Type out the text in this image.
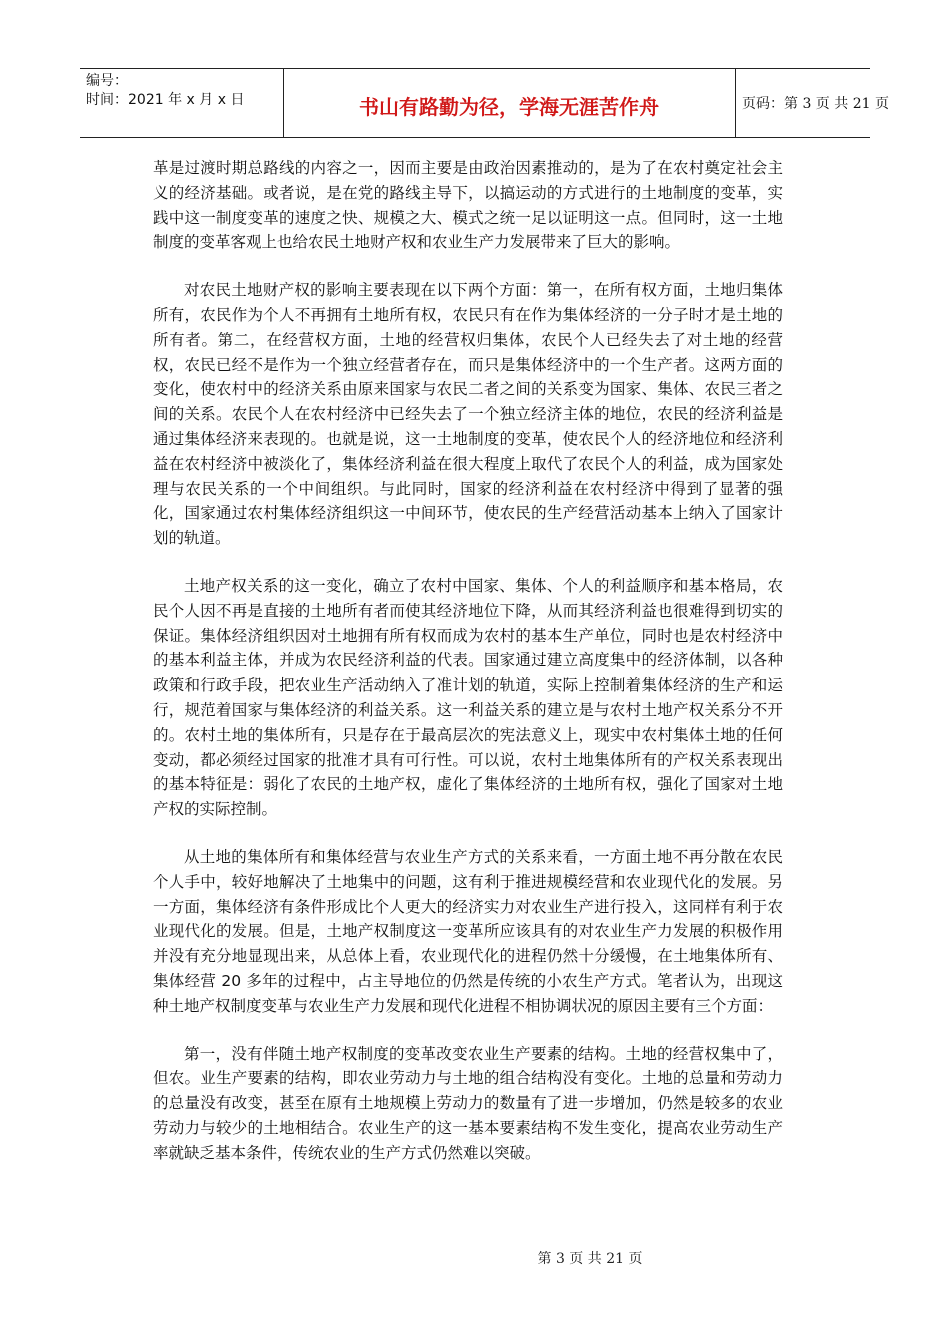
编号：
时间：2021 年 x 月 x 日	书山有路勤为径，学海无涯苦作舟	页码：第 3 页 共 21 页

革是过渡时期总路线的内容之一，因而主要是由政治因素推动的，是为了在农村奠定社会主义的经济基础。或者说，是在党的路线主导下，以搞运动的方式进行的土地制度的变革，实践中这一制度变革的速度之快、规模之大、模式之统一足以证明这一点。但同时，这一土地制度的变革客观上也给农民土地财产权和农业生产力发展带来了巨大的影响。

对农民土地财产权的影响主要表现在以下两个方面：第一，在所有权方面，土地归集体所有，农民作为个人不再拥有土地所有权，农民只有在作为集体经济的一分子时才是土地的所有者。第二，在经营权方面，土地的经营权归集体，农民个人已经失去了对土地的经营权，农民已经不是作为一个独立经营者存在，而只是集体经济中的一个生产者。这两方面的变化，使农村中的经济关系由原来国家与农民二者之间的关系变为国家、集体、农民三者之间的关系。农民个人在农村经济中已经失去了一个独立经济主体的地位，农民的经济利益是通过集体经济来表现的。也就是说，这一土地制度的变革，使农民个人的经济地位和经济利益在农村经济中被淡化了，集体经济利益在很大程度上取代了农民个人的利益，成为国家处理与农民关系的一个中间组织。与此同时，国家的经济利益在农村经济中得到了显著的强化，国家通过农村集体经济组织这一中间环节，使农民的生产经营活动基本上纳入了国家计划的轨道。

土地产权关系的这一变化，确立了农村中国家、集体、个人的利益顺序和基本格局，农民个人因不再是直接的土地所有者而使其经济地位下降，从而其经济利益也很难得到切实的保证。集体经济组织因对土地拥有所有权而成为农村的基本生产单位，同时也是农村经济中的基本利益主体，并成为农民经济利益的代表。国家通过建立高度集中的经济体制，以各种政策和行政手段，把农业生产活动纳入了准计划的轨道，实际上控制着集体经济的生产和运行，规范着国家与集体经济的利益关系。这一利益关系的建立是与农村土地产权关系分不开的。农村土地的集体所有，只是存在于最高层次的宪法意义上，现实中农村集体土地的任何变动，都必须经过国家的批准才具有可行性。可以说，农村土地集体所有的产权关系表现出的基本特征是：弱化了农民的土地产权，虚化了集体经济的土地所有权，强化了国家对土地产权的实际控制。

从土地的集体所有和集体经营与农业生产方式的关系来看，一方面土地不再分散在农民个人手中，较好地解决了土地集中的问题，这有利于推进规模经营和农业现代化的发展。另一方面，集体经济有条件形成比个人更大的经济实力对农业生产进行投入，这同样有利于农业现代化的发展。但是，土地产权制度这一变革所应该具有的对农业生产力发展的积极作用并没有充分地显现出来，从总体上看，农业现代化的进程仍然十分缓慢，在土地集体所有、集体经营 20 多年的过程中，占主导地位的仍然是传统的小农生产方式。笔者认为，出现这种土地产权制度变革与农业生产力发展和现代化进程不相协调状况的原因主要有三个方面：

第一，没有伴随土地产权制度的变革改变农业生产要素的结构。土地的经营权集中了，但农。业生产要素的结构，即农业劳动力与土地的组合结构没有变化。土地的总量和劳动力的总量没有改变，甚至在原有土地规模上劳动力的数量有了进一步增加，仍然是较多的农业劳动力与较少的土地相结合。农业生产的这一基本要素结构不发生变化，提高农业劳动生产率就缺乏基本条件，传统农业的生产方式仍然难以突破。

第 3 页 共 21 页
